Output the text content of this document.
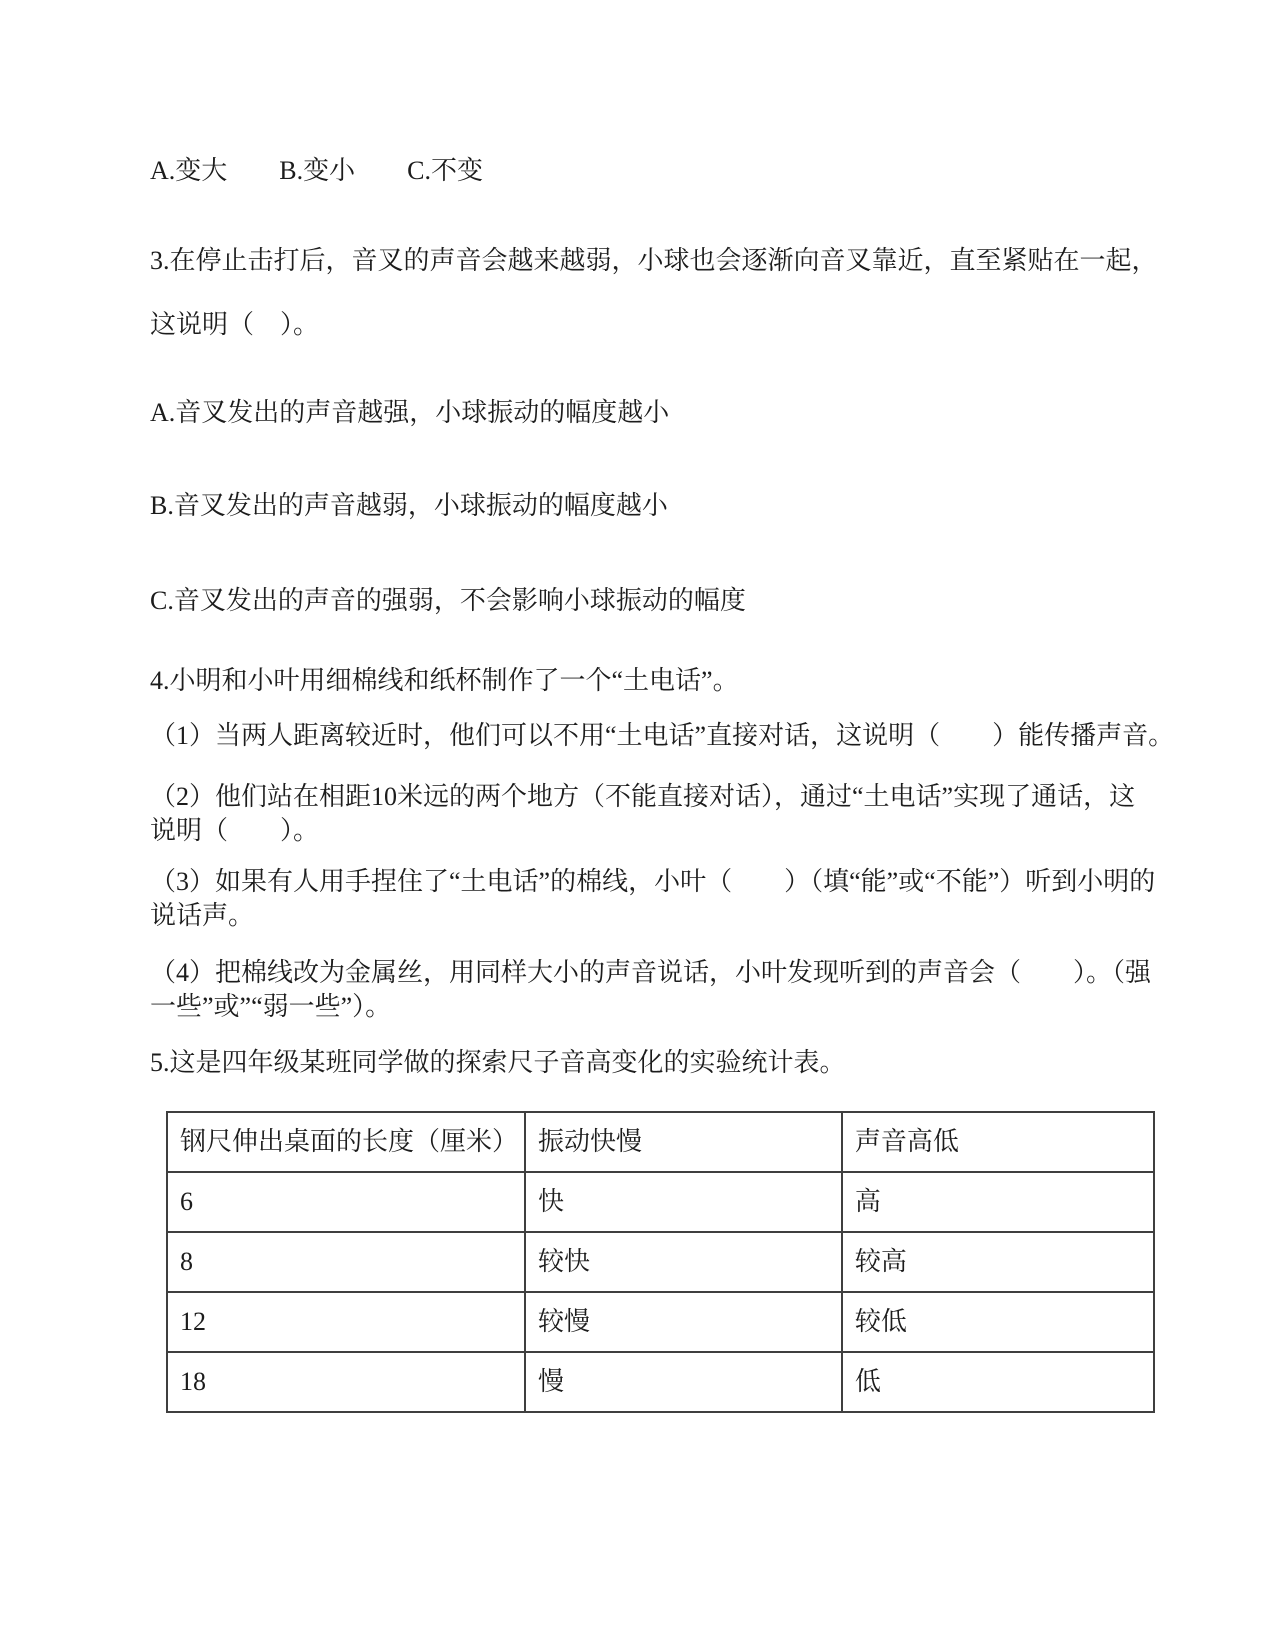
A.变大　　B.变小　　C.不变
3.在停止击打后，音叉的声音会越来越弱，小球也会逐渐向音叉靠近，直至紧贴在一起，
这说明（　）。
A.音叉发出的声音越强，小球振动的幅度越小
B.音叉发出的声音越弱，小球振动的幅度越小
C.音叉发出的声音的强弱，不会影响小球振动的幅度
4.小明和小叶用细棉线和纸杯制作了一个“土电话”。
（1）当两人距离较近时，他们可以不用“土电话”直接对话，这说明（　　）能传播声音。
（2）他们站在相距10米远的两个地方（不能直接对话），通过“土电话”实现了通话，这
说明（　　）。
（3）如果有人用手捏住了“土电话”的棉线，小叶（　　）（填“能”或“不能”）听到小明的
说话声。
（4）把棉线改为金属丝，用同样大小的声音说话，小叶发现听到的声音会（　　）。（强
一些”或”“弱一些”）。
5.这是四年级某班同学做的探索尺子音高变化的实验统计表。
钢尺伸出桌面的长度（厘米）	振动快慢	声音高低
6	快	高
8	较快	较高
12	较慢	较低
18	慢	低
